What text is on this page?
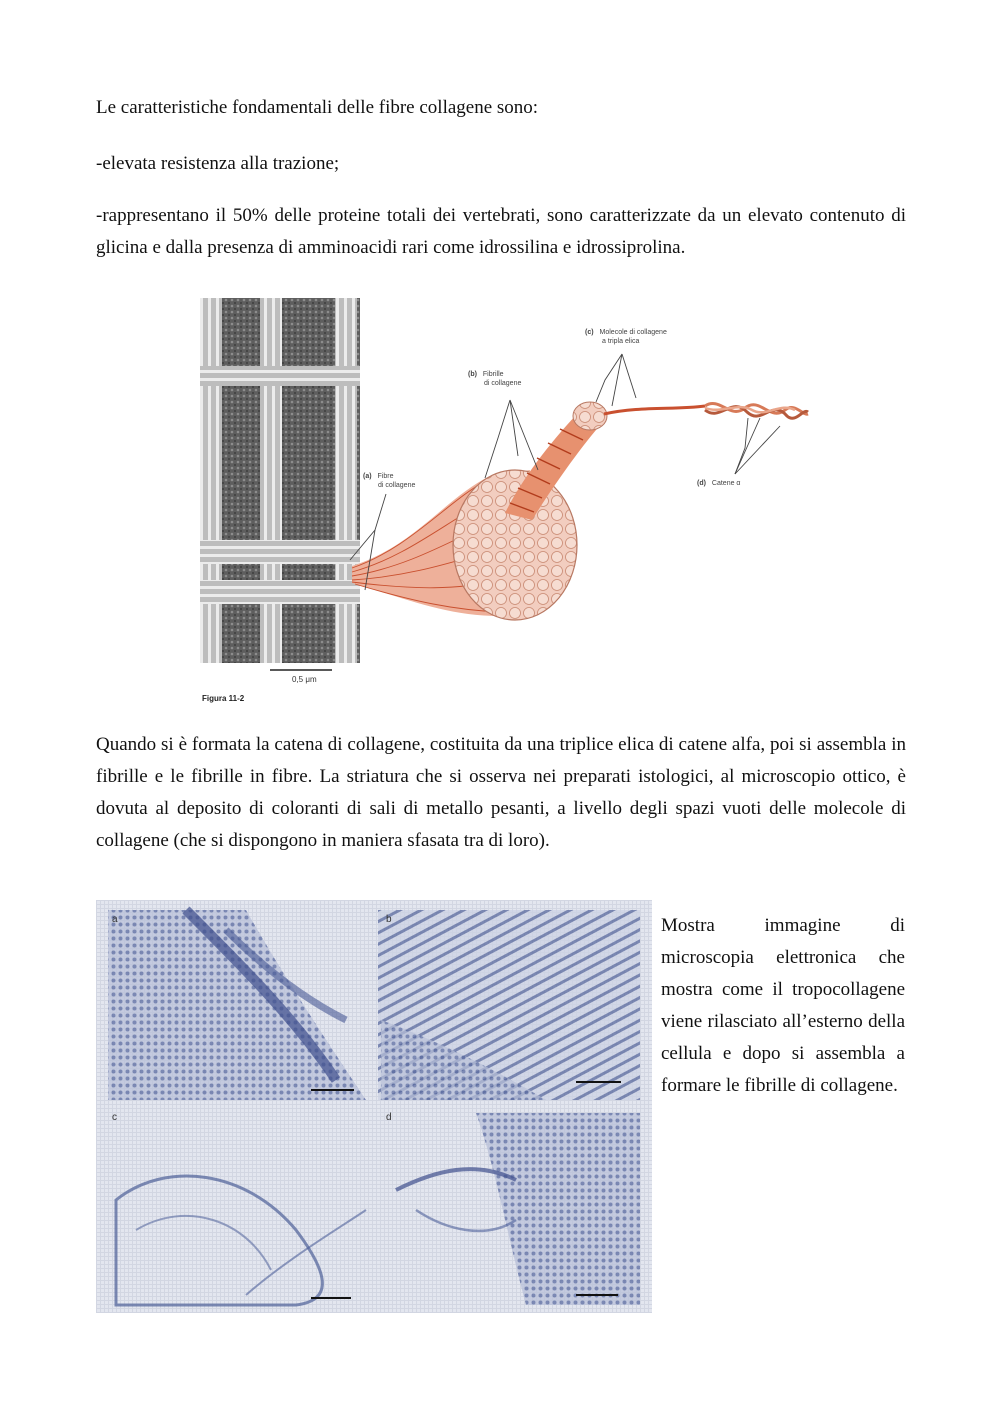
Le caratteristiche fondamentali delle fibre collagene sono:

-elevata resistenza alla trazione;

-rappresentano il 50% delle proteine totali dei vertebrati, sono caratterizzate da un elevato contenuto di glicina e dalla presenza di amminoacidi rari come idrossilina e idrossiprolina.

0,5 μm
Figura 11-2
(a) Fibre
di collagene
(b) Fibrille
di collagene
(c) Molecole di collagene
a tripla elica
(d) Catene α

Quando si è formata la catena di collagene, costituita da una triplice elica di catene alfa, poi si assembla in fibrille e le fibrille in fibre. La striatura che si osserva nei preparati istologici, al microscopio ottico, è dovuta al deposito di coloranti di sali di metallo pesanti, a livello degli spazi vuoti delle molecole di collagene (che si dispongono in maniera sfasata tra di loro).

a	b
c	d

Mostra immagine di microscopia elettronica che mostra come il tropocollagene viene rilasciato all’esterno della cellula e dopo si assembla a formare le fibrille di collagene.
